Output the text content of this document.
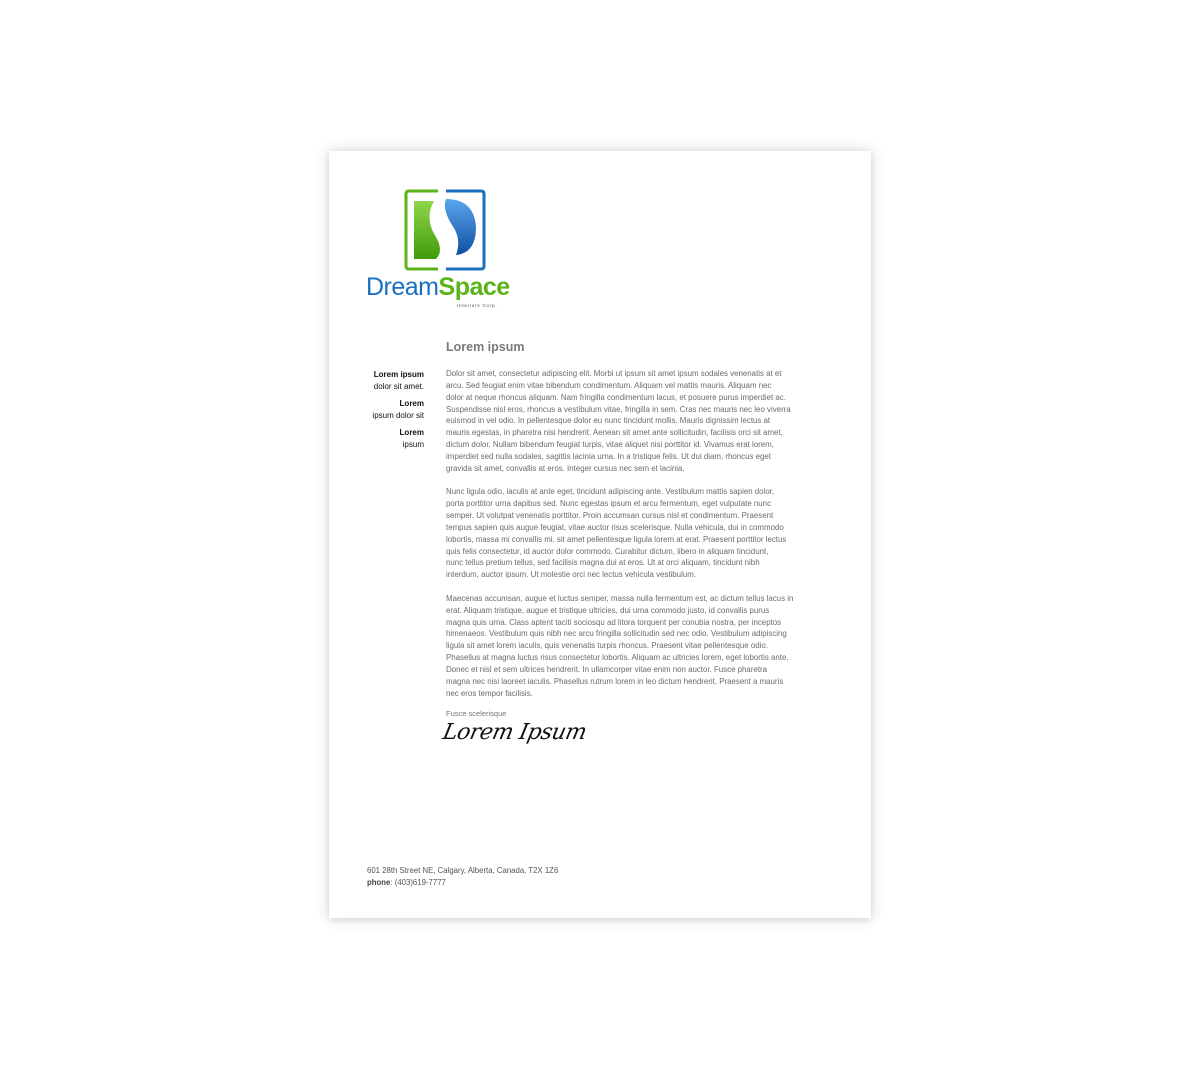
DreamSpace
Interiors Corp.
Lorem ipsum
Lorem ipsum
dolor sit amet.
Lorem
ipsum dolor sit
Lorem
ipsum

Dolor sit amet, consectetur adipiscing elit. Morbi ut ipsum sit amet ipsum sodales venenatis at et
arcu. Sed feugiat enim vitae bibendum condimentum. Aliquam vel mattis mauris. Aliquam nec
dolor at neque rhoncus aliquam. Nam fringilla condimentum lacus, et posuere purus imperdiet ac.
Suspendisse nisl eros, rhoncus a vestibulum vitae, fringilla in sem. Cras nec mauris nec leo viverra
euismod in vel odio. In pellentesque dolor eu nunc tincidunt mollis. Mauris dignissim lectus at
mauris egestas, in pharetra nisi hendrerit. Aenean sit amet ante sollicitudin, facilisis orci sit amet,
dictum dolor. Nullam bibendum feugiat turpis, vitae aliquet nisi porttitor id. Vivamus erat lorem,
imperdiet sed nulla sodales, sagittis lacinia urna. In a tristique felis. Ut dui diam, rhoncus eget
gravida sit amet, convallis at eros. Integer cursus nec sem et lacinia.

Nunc ligula odio, iaculis at ante eget, tincidunt adipiscing ante. Vestibulum mattis sapien dolor,
porta porttitor urna dapibus sed. Nunc egestas ipsum et arcu fermentum, eget vulputate nunc
semper. Ut volutpat venenatis porttitor. Proin accumsan cursus nisl et condimentum. Praesent
tempus sapien quis augue feugiat, vitae auctor risus scelerisque. Nulla vehicula, dui in commodo
lobortis, massa mi convallis mi, sit amet pellentesque ligula lorem at erat. Praesent porttitor lectus
quis felis consectetur, id auctor dolor commodo. Curabitur dictum, libero in aliquam tincidunt,
nunc tellus pretium tellus, sed facilisis magna dui at eros. Ut at orci aliquam, tincidunt nibh
interdum, auctor ipsum. Ut molestie orci nec lectus vehicula vestibulum.

Maecenas accumsan, augue et luctus semper, massa nulla fermentum est, ac dictum tellus lacus in
erat. Aliquam tristique, augue et tristique ultricies, dui urna commodo justo, id convallis purus
magna quis urna. Class aptent taciti sociosqu ad litora torquent per conubia nostra, per inceptos
himenaeos. Vestibulum quis nibh nec arcu fringilla sollicitudin sed nec odio. Vestibulum adipiscing
ligula sit amet lorem iaculis, quis venenatis turpis rhoncus. Praesent vitae pellentesque odio.
Phasellus at magna luctus risus consectetur lobortis. Aliquam ac ultricies lorem, eget lobortis ante.
Donec et nisl et sem ultrices hendrerit. In ullamcorper vitae enim non auctor. Fusce pharetra
magna nec nisi laoreet iaculis. Phasellus rutrum lorem in leo dictum hendrerit. Praesent a mauris
nec eros tempor facilisis.

Fusce scelerisque
Lorem Ipsum
601 28th Street NE, Calgary, Alberta, Canada, T2X 1Z6
phone: (403)619-7777
